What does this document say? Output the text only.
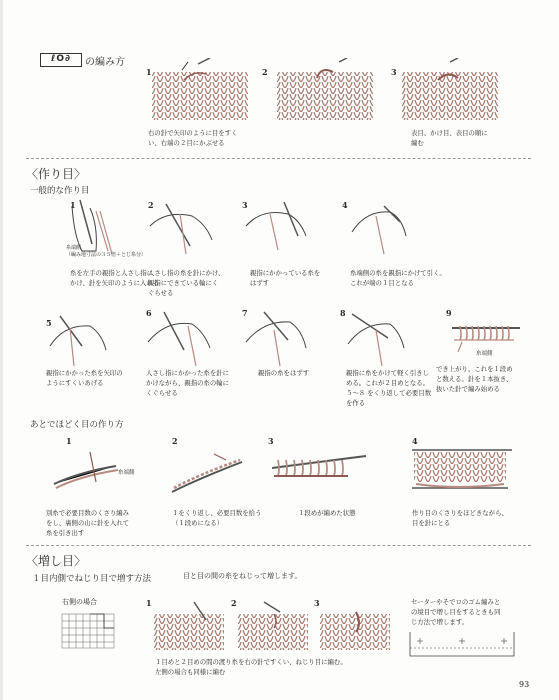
ℓO∂	の編み方
1	2	3
右の針で矢印のように目をすく
い、右端の２目にかぶせる
表目、かけ目、表目の順に
編む
〈作り目〉
一般的な作り目
1	2	3	4
糸端側
（編み地寸法の３５倍＋とじ糸分）
糸を左手の親指と人さし指に
かけ、針を矢印のように入れる
人さし指の糸を針にかけ、
親指にできている輪にく
ぐらせる
親指にかかっている糸を
はずす
糸端側の糸を親指にかけて引く。
これが端の１目となる
5
6	7	8	9
糸端側
親指にかかった糸を矢印の
ようにすくいあげる
人さし指にかかった糸を針に
かけながら、親指の糸の輪に
くぐらせる
親指の糸をはずす	親指に糸をかけて軽く引きし
める。これが２目めとなる。
５〜８ をくり返して必要目数
を作る
でき上がり。これを１段め
と数える。針を１本抜き、
抜いた針で編み始める
あとでほどく目の作り方
1	2	3	4
糸端側
別糸で必要目数のくさり編み
をし、裏側の山に針を入れて
糸を引き出す
１をくり返し、必要目数を拾う
（１段めになる）
１段めが編めた状態	作り目のくさりをほどきながら、
目を針にとる
〈増し目〉
１目内側でねじり目で増す方法	目と目の間の糸をねじって増します。
右側の場合	1	2	3
１目めと２目めの間の渡り糸を右の針ですくい、ねじり目に編む。
左側の場合も同様に編む
セーターやそでロのゴム編みと
の境目で増し目をするときも同
じ方法で増します。
93
